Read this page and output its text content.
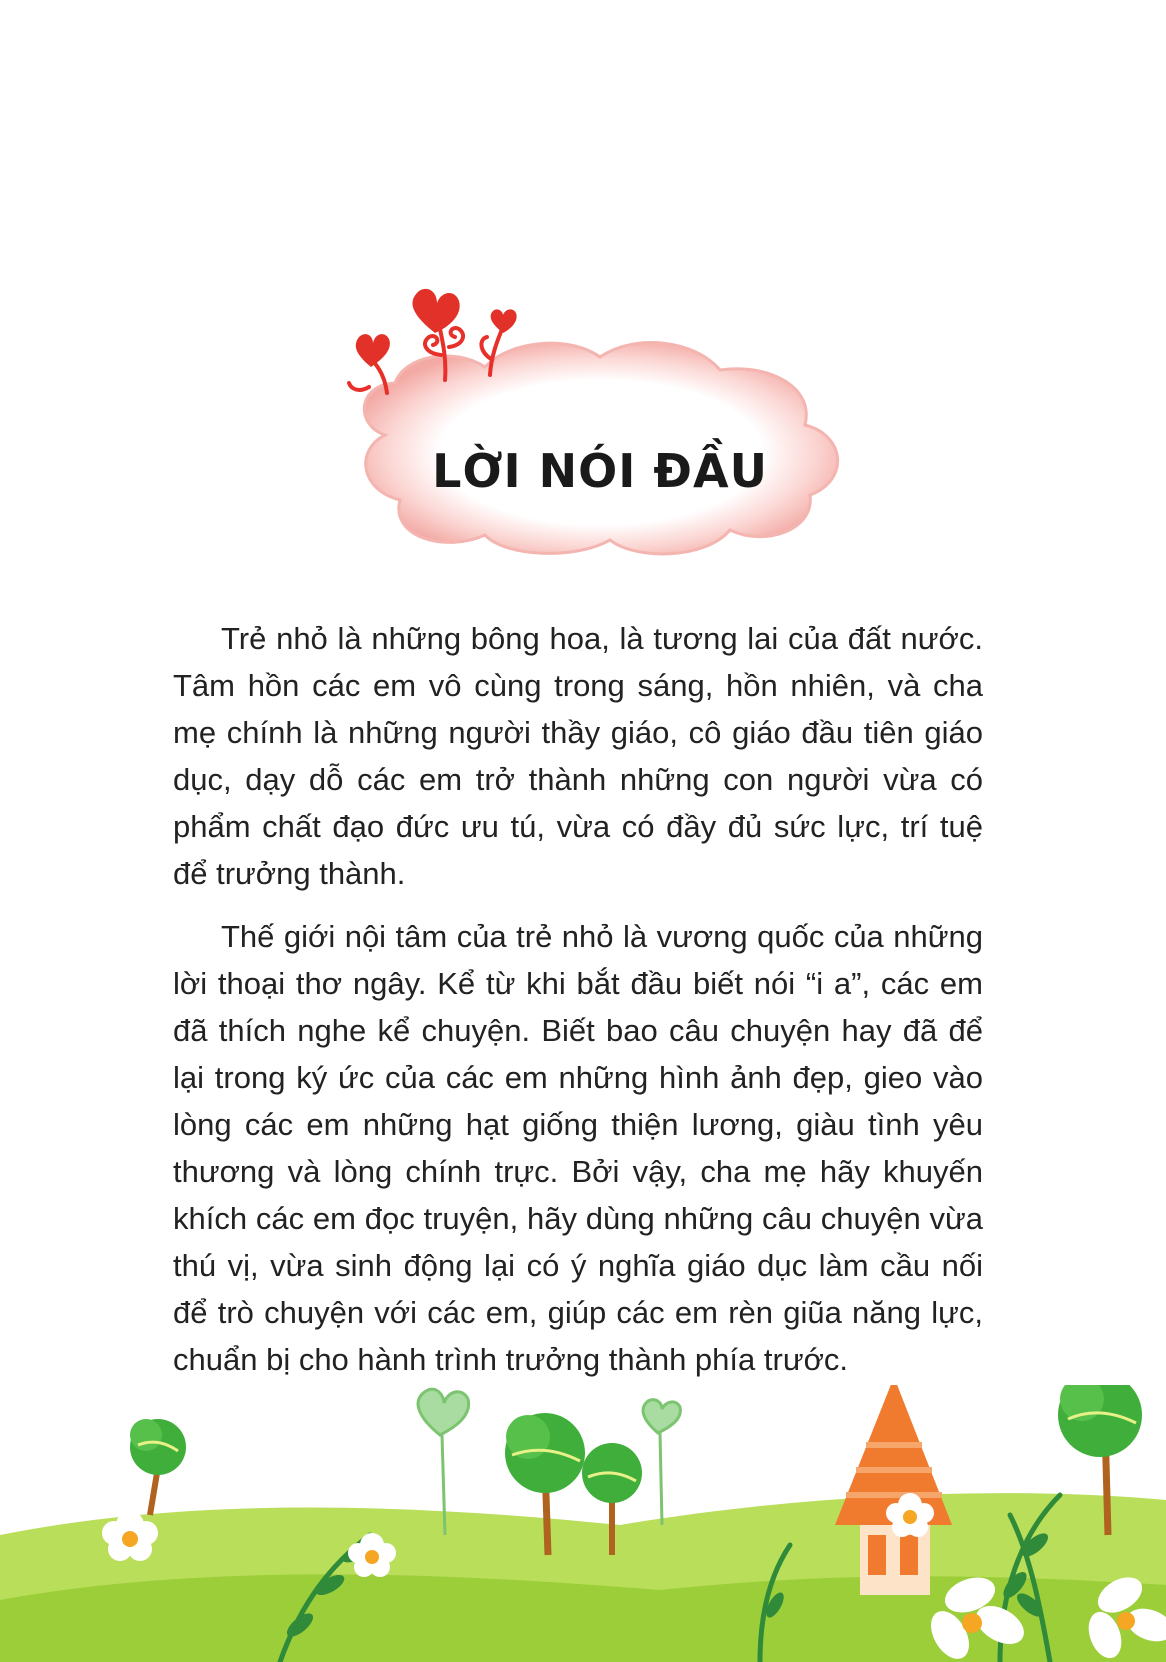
LỜI NÓI ĐẦU

Trẻ nhỏ là những bông hoa, là tương lai của đất nước. Tâm hồn các em vô cùng trong sáng, hồn nhiên, và cha mẹ chính là những người thầy giáo, cô giáo đầu tiên giáo dục, dạy dỗ các em trở thành những con người vừa có phẩm chất đạo đức ưu tú, vừa có đầy đủ sức lực, trí tuệ để trưởng thành.

Thế giới nội tâm của trẻ nhỏ là vương quốc của những lời thoại thơ ngây. Kể từ khi bắt đầu biết nói “i a”, các em đã thích nghe kể chuyện. Biết bao câu chuyện hay đã để lại trong ký ức của các em những hình ảnh đẹp, gieo vào lòng các em những hạt giống thiện lương, giàu tình yêu thương và lòng chính trực. Bởi vậy, cha mẹ hãy khuyến khích các em đọc truyện, hãy dùng những câu chuyện vừa thú vị, vừa sinh động lại có ý nghĩa giáo dục làm cầu nối để trò chuyện với các em, giúp các em rèn giũa năng lực, chuẩn bị cho hành trình trưởng thành phía trước.
